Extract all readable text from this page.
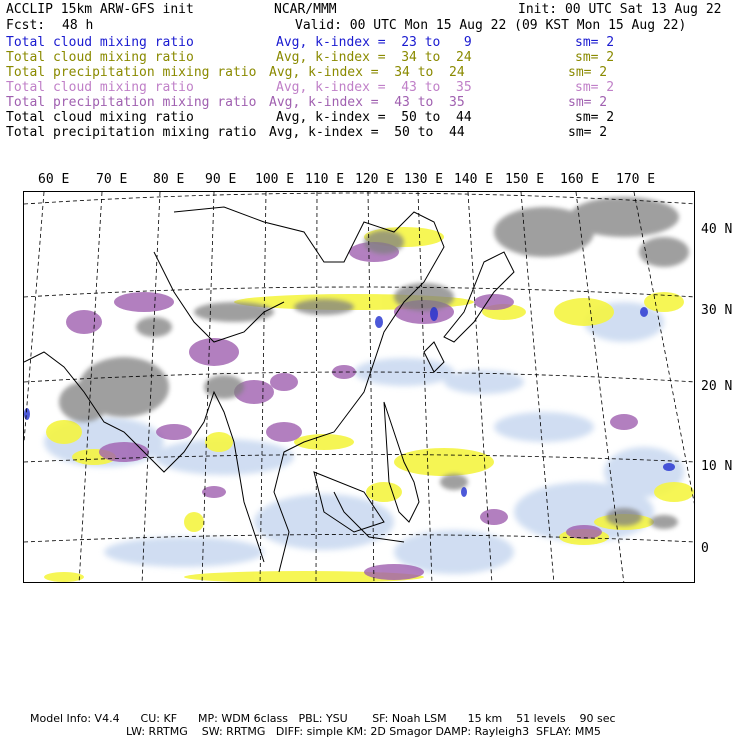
ACCLIP 15km ARW-GFS init	NCAR/MMM	Init: 00 UTC Sat 13 Aug 22
Fcst: 48 h	Valid: 00 UTC Mon 15 Aug 22 (09 KST Mon 15 Aug 22)
Total cloud mixing ratio	Avg, k-index =  23 to   9	sm= 2
Total cloud mixing ratio	Avg, k-index =  34 to  24	sm= 2
Total precipitation mixing ratio Avg, k-index =  34 to  24	sm= 2
Total cloud mixing ratio	Avg, k-index =  43 to  35	sm= 2
Total precipitation mixing ratio Avg, k-index =  43 to  35	sm= 2
Total cloud mixing ratio	Avg, k-index =  50 to  44	sm= 2
Total precipitation mixing ratio Avg, k-index =  50 to  44	sm= 2
60 E 70 E 80 E 90 E 100 E 110 E 120 E 130 E 140 E 150 E 160 E 170 E
40 N
30 N
20 N
10 N
0
Model Info: V4.4      CU: KF      MP: WDM 6class   PBL: YSU       SF: Noah LSM      15 km    51 levels    90 sec
LW: RRTMG    SW: RRTMG   DIFF: simple KM: 2D Smagor DAMP: Rayleigh3  SFLAY: MM5
